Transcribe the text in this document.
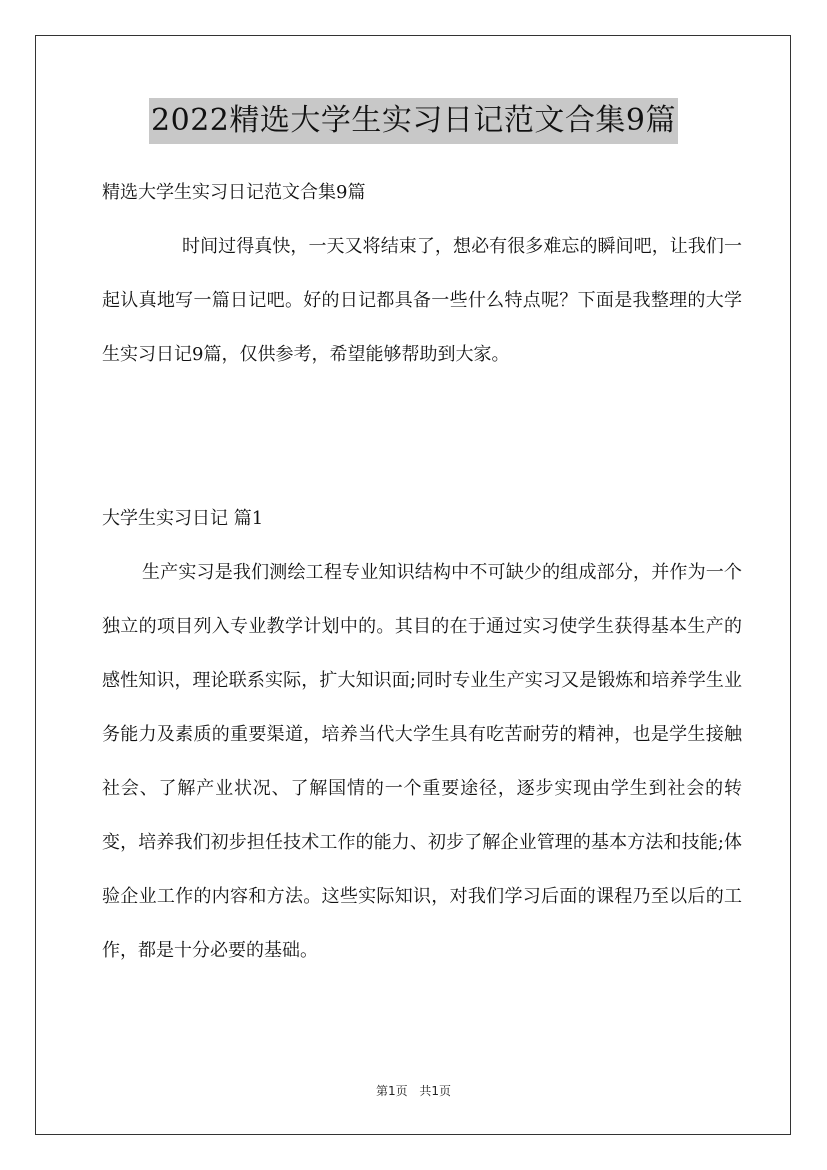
2022精选大学生实习日记范文合集9篇

精选大学生实习日记范文合集9篇

时间过得真快，一天又将结束了，想必有很多难忘的瞬间吧，让我们一起认真地写一篇日记吧。好的日记都具备一些什么特点呢？下面是我整理的大学生实习日记9篇，仅供参考，希望能够帮助到大家。

大学生实习日记 篇1

生产实习是我们测绘工程专业知识结构中不可缺少的组成部分，并作为一个独立的项目列入专业教学计划中的。其目的在于通过实习使学生获得基本生产的感性知识，理论联系实际，扩大知识面;同时专业生产实习又是锻炼和培养学生业务能力及素质的重要渠道，培养当代大学生具有吃苦耐劳的精神，也是学生接触社会、了解产业状况、了解国情的一个重要途径，逐步实现由学生到社会的转变，培养我们初步担任技术工作的能力、初步了解企业管理的基本方法和技能;体验企业工作的内容和方法。这些实际知识，对我们学习后面的课程乃至以后的工作，都是十分必要的基础。

第1页 共1页
